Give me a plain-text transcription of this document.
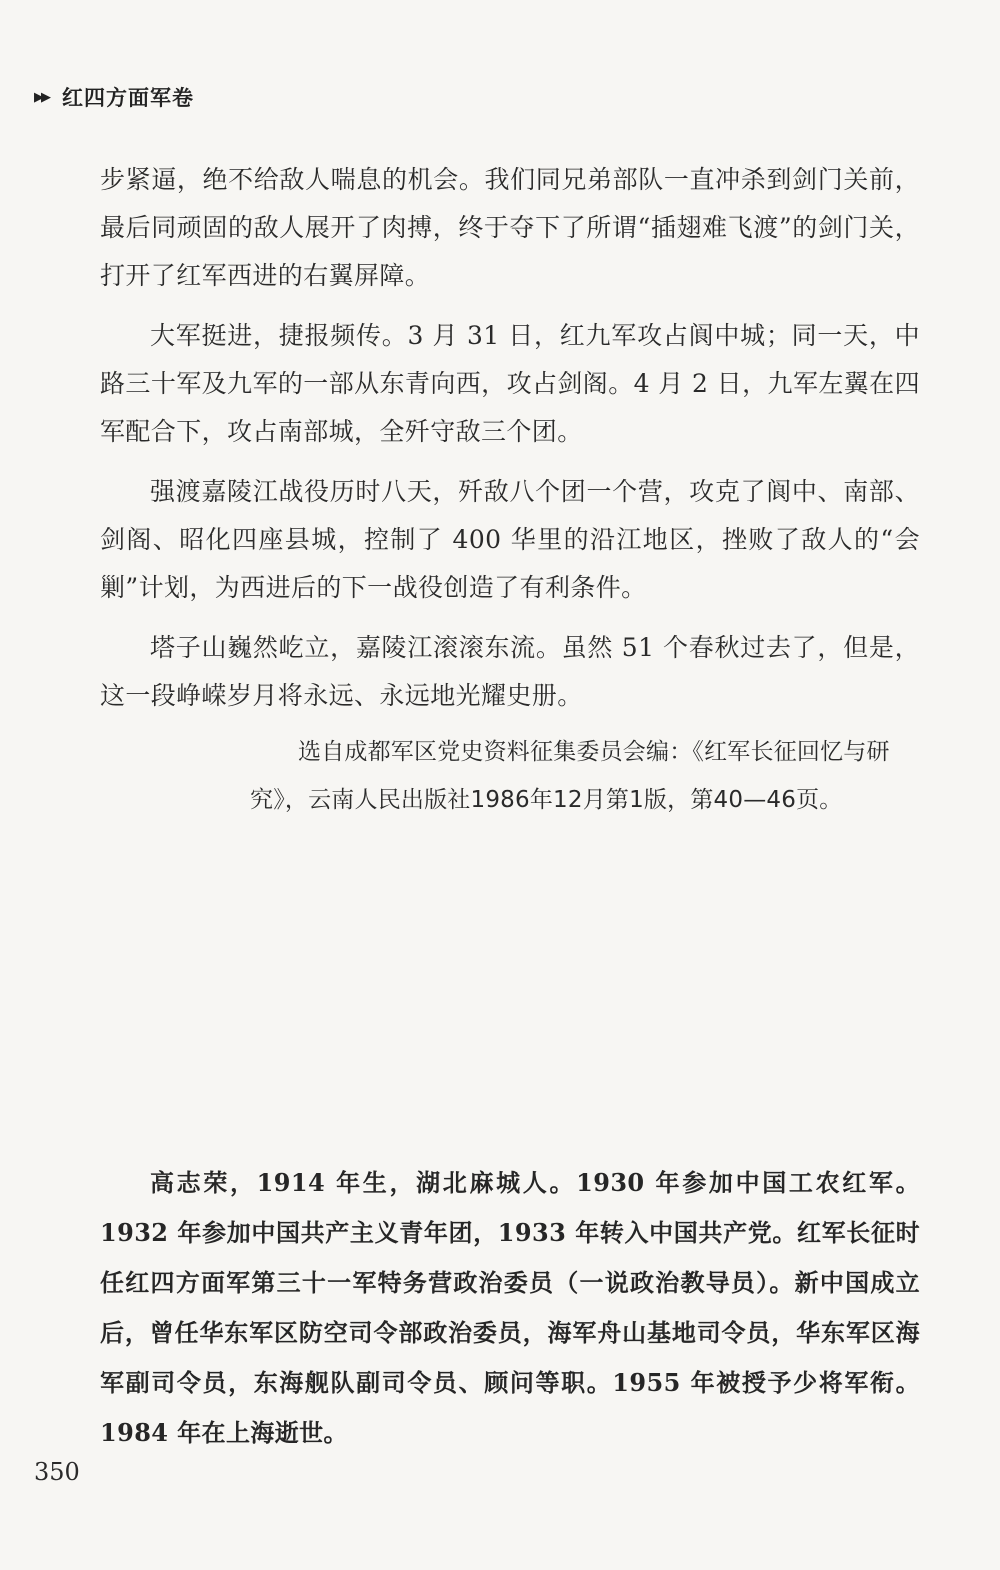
▶▶ 红四方面军卷

步紧逼，绝不给敌人喘息的机会。我们同兄弟部队一直冲杀到剑门关前，最后同顽固的敌人展开了肉搏，终于夺下了所谓“插翅难飞渡”的剑门关，打开了红军西进的右翼屏障。

大军挺进，捷报频传。3 月 31 日，红九军攻占阆中城；同一天，中路三十军及九军的一部从东青向西，攻占剑阁。4 月 2 日，九军左翼在四军配合下，攻占南部城，全歼守敌三个团。

强渡嘉陵江战役历时八天，歼敌八个团一个营，攻克了阆中、南部、剑阁、昭化四座县城，控制了 400 华里的沿江地区，挫败了敌人的“会剿”计划，为西进后的下一战役创造了有利条件。

塔子山巍然屹立，嘉陵江滚滚东流。虽然 51 个春秋过去了，但是，这一段峥嵘岁月将永远、永远地光耀史册。

选自成都军区党史资料征集委员会编：《红军长征回忆与研究》，云南人民出版社1986年12月第1版，第40—46页。
高志荣，1914 年生，湖北麻城人。1930 年参加中国工农红军。1932 年参加中国共产主义青年团，1933 年转入中国共产党。红军长征时任红四方面军第三十一军特务营政治委员（一说政治教导员）。新中国成立后，曾任华东军区防空司令部政治委员，海军舟山基地司令员，华东军区海军副司令员，东海舰队副司令员、顾问等职。1955 年被授予少将军衔。1984 年在上海逝世。
350
